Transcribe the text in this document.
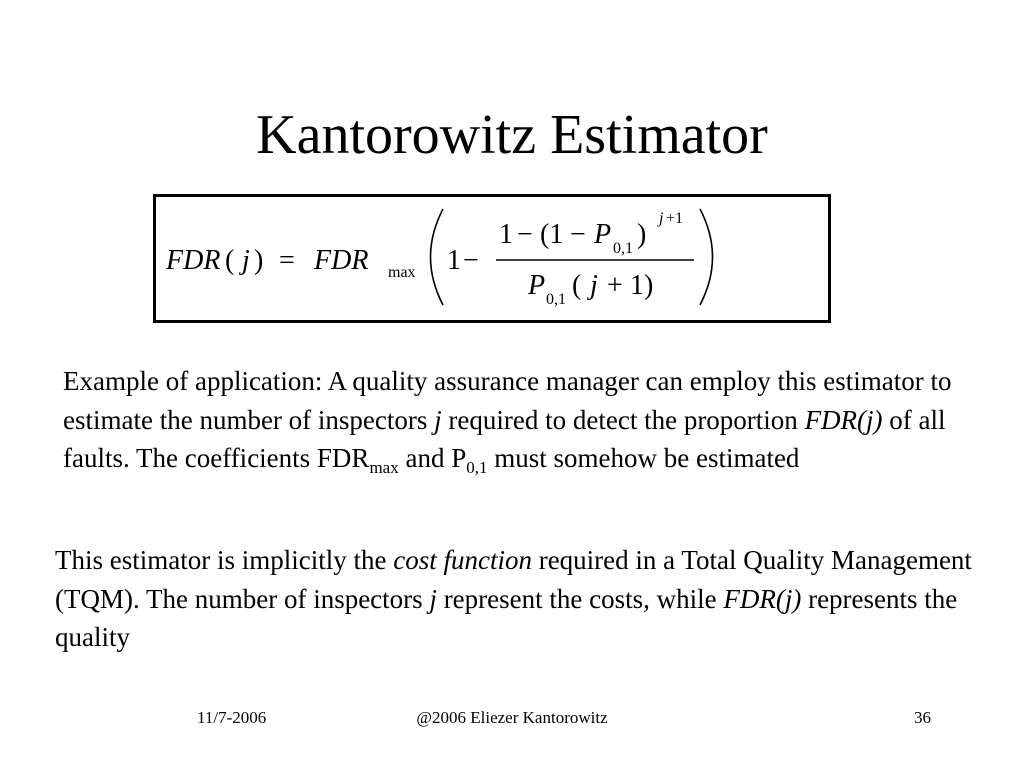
Kantorowitz Estimator
FDR ( j ) = FDR max 1 −
1 − (1 − P 0,1 )
j +1
P 0,1 ( j + 1)

Example of application: A quality assurance manager can employ this estimator to estimate the number of inspectors j required to detect the proportion FDR(j) of all faults. The coefficients $FDR_{max}$ and $P_{0,1}$ must somehow be estimated

This estimator is implicitly the cost function required in a Total Quality Management (TQM). The number of inspectors j represent the costs, while FDR(j) represents the quality

11/7-2006	@2006 Eliezer Kantorowitz	36
